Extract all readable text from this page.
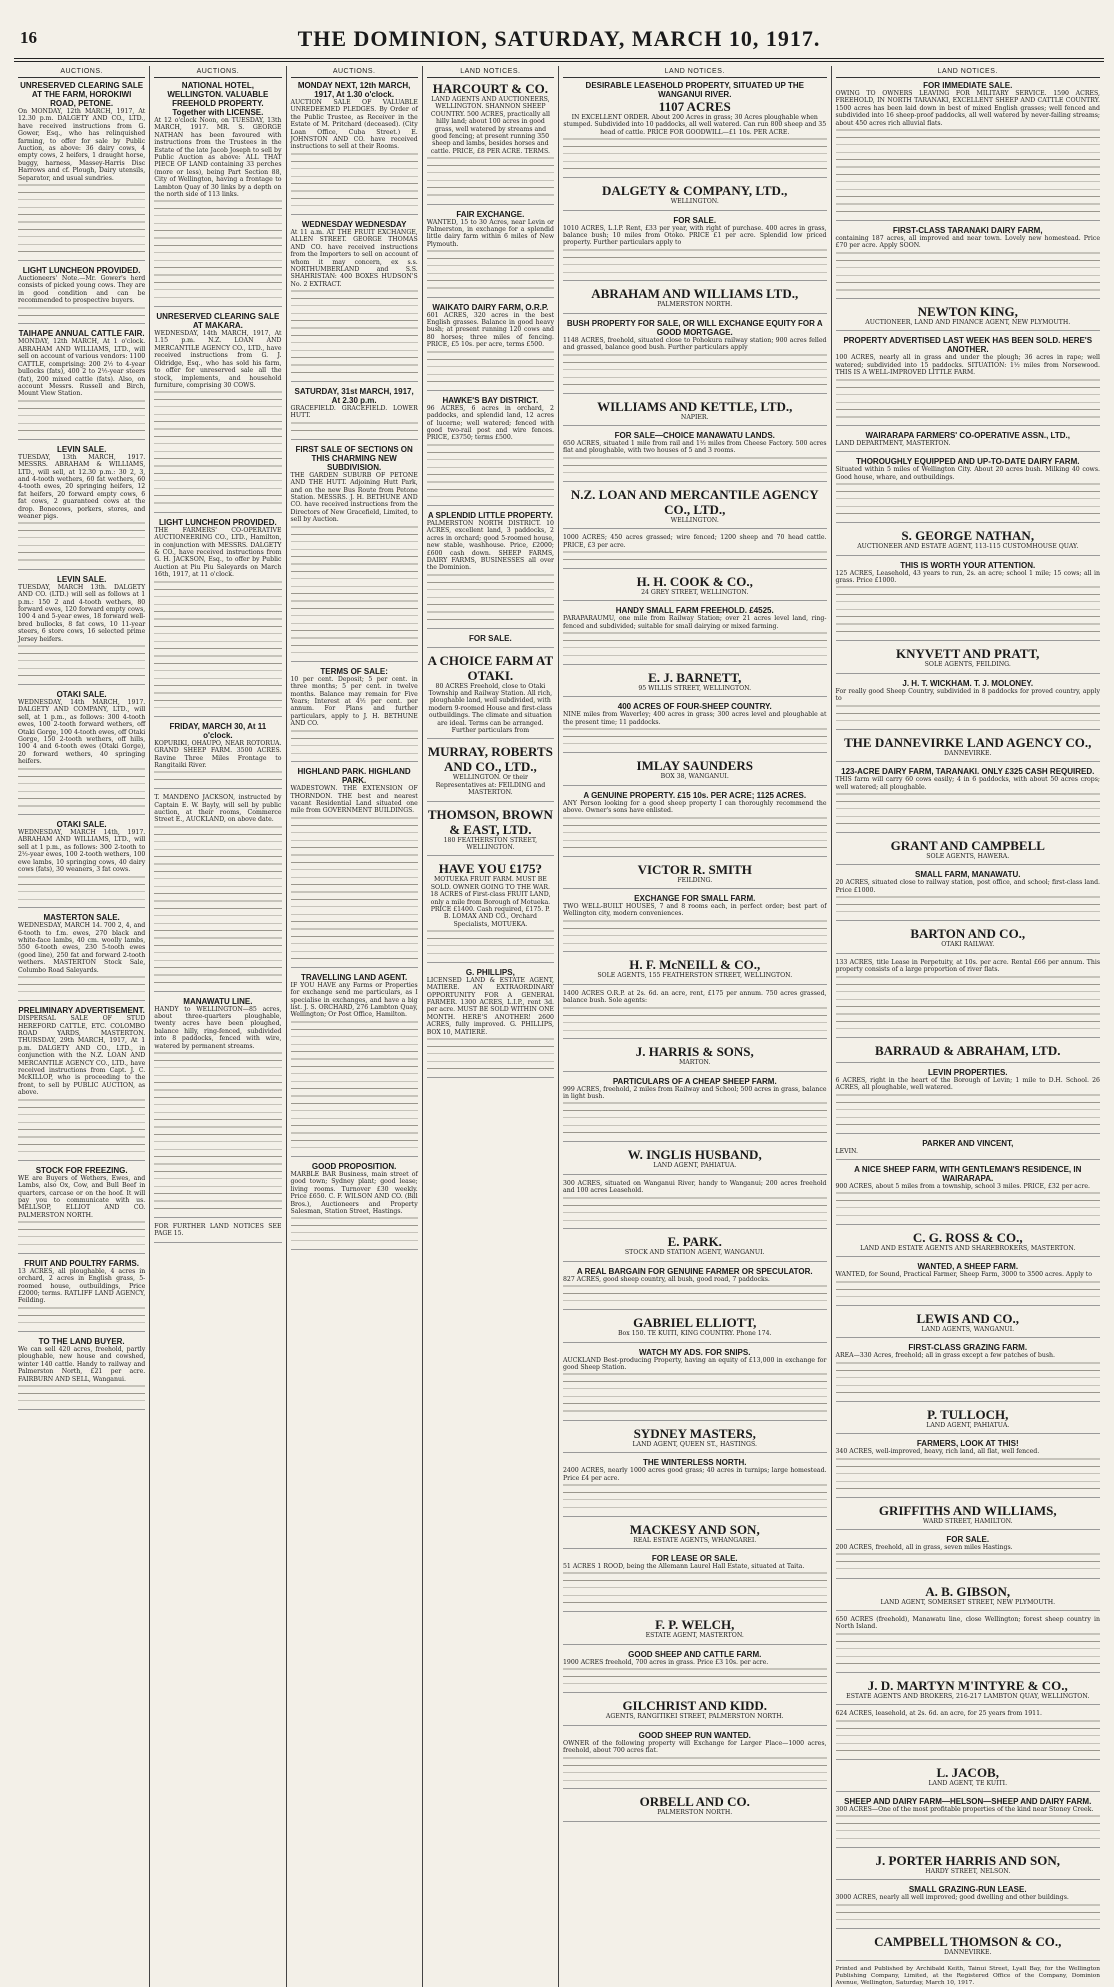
16	THE DOMINION, SATURDAY, MARCH 10, 1917.
AUCTIONS.
UNRESERVED CLEARING SALE AT THE FARM, HOROKIWI ROAD, PETONE.
On MONDAY, 12th MARCH, 1917, At 12.30 p.m. DALGETY AND CO., LTD., have received instructions from G. Gower, Esq., who has relinquished farming, to offer for sale by Public Auction, as above: 36 dairy cows, 4 empty cows, 2 heifers, 1 draught horse, buggy, harness, Massey-Harris Disc Harrows and cf. Plough, Dairy utensils, Separator, and usual sundries.
LIGHT LUNCHEON PROVIDED.
Auctioneers' Note.—Mr. Gower's herd consists of picked young cows. They are in good condition and can be recommended to prospective buyers.
TAIHAPE ANNUAL CATTLE FAIR.
MONDAY, 12th MARCH, At 1 o'clock. ABRAHAM AND WILLIAMS, LTD., will sell on account of various vendors: 1100 CATTLE, comprising: 200 2½ to 4-year bullocks (fats), 400 2 to 2½-year steers (fat), 200 mixed cattle (fats). Also, on account Messrs. Russell and Birch, Mount View Station.
LEVIN SALE.
TUESDAY, 13th MARCH, 1917. MESSRS. ABRAHAM & WILLIAMS, LTD., will sell, at 12.30 p.m.: 30 2, 3, and 4-tooth wethers, 60 fat wethers, 60 4-tooth ewes, 20 springing heifers, 12 fat heifers, 20 forward empty cows, 6 fat cows, 2 guaranteed cows at the drop. Bonecows, porkers, stores, and weaner pigs.
LEVIN SALE.
TUESDAY, MARCH 13th. DALGETY AND CO. (LTD.) will sell as follows at 1 p.m.: 150 2 and 4-tooth wethers, 80 forward ewes, 120 forward empty cows, 100 4 and 5-year ewes, 18 forward well-bred bullocks, 8 fat cows, 10 11-year steers, 6 store cows, 16 selected prime Jersey heifers.
OTAKI SALE.
WEDNESDAY, 14th MARCH, 1917. DALGETY AND COMPANY, LTD., will sell, at 1 p.m., as follows: 300 4-tooth ewes, 100 2-tooth forward wethers, off Otaki Gorge, 100 4-tooth ewes, off Otaki Gorge, 150 2-tooth wethers, off hills, 100 4 and 6-tooth ewes (Otaki Gorge), 20 forward wethers, 40 springing heifers.
OTAKI SALE.
WEDNESDAY, MARCH 14th, 1917. ABRAHAM AND WILLIAMS, LTD., will sell at 1 p.m., as follows: 300 2-tooth to 2½-year ewes, 100 2-tooth wethers, 100 ewe lambs, 10 springing cows, 40 dairy cows (fats), 30 weaners, 3 fat cows.
MASTERTON SALE.
WEDNESDAY, MARCH 14. 700 2, 4, and 6-tooth to f.m. ewes, 270 black and white-face lambs, 40 cm. woolly lambs, 550 6-tooth ewes, 230 5-tooth ewes (good line), 250 fat and forward 2-tooth wethers. MASTERTON Stock Sale, Columbo Road Saleyards.
PRELIMINARY ADVERTISEMENT.
DISPERSAL SALE OF STUD HEREFORD CATTLE, ETC. COLOMBO ROAD YARDS, MASTERTON. THURSDAY, 29th MARCH, 1917, At 1 p.m. DALGETY AND CO., LTD., in conjunction with the N.Z. LOAN AND MERCANTILE AGENCY CO., LTD., have received instructions from Capt. J. C. McKILLOP, who is proceeding to the front, to sell by PUBLIC AUCTION, as above.
STOCK FOR FREEZING.
WE are Buyers of Wethers, Ewes, and Lambs, also Ox, Cow, and Bull Beef in quarters, carcase or on the hoof. It will pay you to communicate with us. MELLSOP, ELLIOT AND CO. PALMERSTON NORTH.
FRUIT AND POULTRY FARMS.
13 ACRES, all ploughable, 4 acres in orchard, 2 acres in English grass, 5-roomed house, outbuildings, Price £2000; terms. RATLIFF LAND AGENCY, Feilding.
TO THE LAND BUYER.
We can sell 420 acres, freehold, partly ploughable, new house and cowshed, winter 140 cattle. Handy to railway and Palmerston North, £21 per acre. FAIRBURN AND SELL, Wanganui.
AUCTIONS.
NATIONAL HOTEL, WELLINGTON. VALUABLE FREEHOLD PROPERTY. Together with LICENSE.
At 12 o'clock Noon, on TUESDAY, 13th MARCH, 1917. MR. S. GEORGE NATHAN has been favoured with instructions from the Trustees in the Estate of the late Jacob Joseph to sell by Public Auction as above: ALL THAT PIECE OF LAND containing 33 perches (more or less), being Part Section 88, City of Wellington, having a frontage to Lambton Quay of 30 links by a depth on the north side of 113 links.
UNRESERVED CLEARING SALE AT MAKARA.
WEDNESDAY, 14th MARCH, 1917, At 1.15 p.m. N.Z. LOAN AND MERCANTILE AGENCY CO., LTD., have received instructions from G. J. Oldridge, Esq., who has sold his farm, to offer for unreserved sale all the stock, implements, and household furniture, comprising 30 COWS.
LIGHT LUNCHEON PROVIDED.
THE FARMERS' CO-OPERATIVE AUCTIONEERING CO., LTD., Hamilton, in conjunction with MESSRS. DALGETY & CO., have received instructions from G. H. JACKSON, Esq., to offer by Public Auction at Piu Piu Saleyards on March 16th, 1917, at 11 o'clock.
FRIDAY, MARCH 30, At 11 o'clock.
KOPURIKI, OHAUPO, NEAR ROTORUA. GRAND SHEEP FARM. 3500 ACRES. Ravine Three Miles Frontage to Rangitaiki River.
T. MANDENO JACKSON, instructed by Captain E. W. Bayly, will sell by public auction, at their rooms, Commerce Street E., AUCKLAND, on above date.
MANAWATU LINE.
HANDY to WELLINGTON—85 acres, about three-quarters ploughable, twenty acres have been ploughed, balance hilly, ring-fenced, subdivided into 8 paddocks, fenced with wire, watered by permanent streams.
FOR FURTHER LAND NOTICES SEE PAGE 15.
AUCTIONS.
MONDAY NEXT, 12th MARCH, 1917, At 1.30 o'clock.
AUCTION SALE OF VALUABLE UNREDEEMED PLEDGES. By Order of the Public Trustee, as Receiver in the Estate of M. Pritchard (deceased). (City Loan Office, Cuba Street.) E. JOHNSTON AND CO. have received instructions to sell at their Rooms.
WEDNESDAY WEDNESDAY
At 11 a.m. AT THE FRUIT EXCHANGE, ALLEN STREET. GEORGE THOMAS AND CO. have received instructions from the Importers to sell on account of whom it may concern, ex s.s. NORTHUMBERLAND and S.S. SHAHRISTAN: 400 BOXES HUDSON'S No. 2 EXTRACT.
SATURDAY, 31st MARCH, 1917, At 2.30 p.m.
GRACEFIELD. GRACEFIELD. LOWER HUTT.
FIRST SALE OF SECTIONS ON THIS CHARMING NEW SUBDIVISION.
THE GARDEN SUBURB OF PETONE AND THE HUTT. Adjoining Hutt Park, and on the new Bus Route from Petone Station. MESSRS. J. H. BETHUNE AND CO. have received instructions from the Directors of New Gracefield, Limited, to sell by Auction.
TERMS OF SALE:
10 per cent. Deposit; 5 per cent. in three months; 5 per cent. in twelve months. Balance may remain for Five Years; Interest at 4½ per cent. per annum. For Plans and further particulars, apply to J. H. BETHUNE AND CO.
HIGHLAND PARK. HIGHLAND PARK.
WADESTOWN. THE EXTENSION OF THORNDON. THE best and nearest vacant Residential Land situated one mile from GOVERNMENT BUILDINGS.
TRAVELLING LAND AGENT.
IF YOU HAVE any Farms or Properties for exchange send me particulars, as I specialise in exchanges, and have a big list. J. S. ORCHARD, 276 Lambton Quay, Wellington; Or Post Office, Hamilton.
GOOD PROPOSITION.
MARBLE BAR Business, main street of good town; Sydney plant; good lease; living rooms. Turnover £30 weekly. Price £650. C. F. WILSON AND CO. (Bill Bros.), Auctioneers and Property Salesman, Station Street, Hastings.
LAND NOTICES.
HARCOURT & CO.
LAND AGENTS AND AUCTIONEERS, WELLINGTON. SHANNON SHEEP COUNTRY. 500 ACRES, practically all hilly land; about 100 acres in good grass, well watered by streams and good fencing; at present running 350 sheep and lambs, besides horses and cattle. PRICE, £8 PER ACRE. TERMS.
FAIR EXCHANGE.
WANTED, 15 to 30 Acres, near Levin or Palmerston, in exchange for a splendid little dairy farm within 6 miles of New Plymouth.
WAIKATO DAIRY FARM, O.R.P.
601 ACRES, 320 acres in the best English grasses. Balance in good heavy bush; at present running 120 cows and 80 horses; three miles of fencing. PRICE, £5 10s. per acre, terms £500.
HAWKE'S BAY DISTRICT.
96 ACRES, 6 acres in orchard, 2 paddocks, and splendid land, 12 acres of lucerne; well watered; fenced with good two-rail post and wire fences. PRICE, £3750; terms £500.
A SPLENDID LITTLE PROPERTY.
PALMERSTON NORTH DISTRICT. 10 ACRES, excellent land, 3 paddocks, 2 acres in orchard; good 5-roomed house, new stable, washhouse. Price, £2000; £600 cash down. SHEEP FARMS, DAIRY FARMS, BUSINESSES all over the Dominion.
FOR SALE.
A CHOICE FARM AT OTAKI.
80 ACRES Freehold, close to Otaki Township and Railway Station. All rich, ploughable land, well subdivided, with modern 9-roomed House and first-class outbuildings. The climate and situation are ideal. Terms can be arranged. Further particulars from
MURRAY, ROBERTS AND CO., LTD.,
WELLINGTON. Or their Representatives at: FEILDING and MASTERTON.
THOMSON, BROWN & EAST, LTD.
180 FEATHERSTON STREET, WELLINGTON.
HAVE YOU £175?
MOTUEKA FRUIT FARM. MUST BE SOLD. OWNER GOING TO THE WAR. 18 ACRES of First-class FRUIT LAND, only a mile from Borough of Motueka. PRICE £1400. Cash required, £175. P. B. LOMAX AND CO., Orchard Specialists, MOTUEKA.
G. PHILLIPS,
LICENSED LAND & ESTATE AGENT, MATIERE. AN EXTRAORDINARY OPPORTUNITY FOR A GENERAL FARMER. 1300 ACRES, L.I.P., rent 3d. per acre. MUST BE SOLD WITHIN ONE MONTH. HERE'S ANOTHER! 2600 ACRES, fully improved. G. PHILLIPS, BOX 10, MATIERE.
LAND NOTICES.
DESIRABLE LEASEHOLD PROPERTY, SITUATED UP THE WANGANUI RIVER.
1107 ACRES
IN EXCELLENT ORDER. About 200 Acres in grass; 30 Acres ploughable when stumped. Subdivided into 10 paddocks, all well watered. Can run 800 sheep and 35 head of cattle. PRICE FOR GOODWILL—£1 10s. PER ACRE.
DALGETY & COMPANY, LTD.,
WELLINGTON.
FOR SALE.
1010 ACRES, L.I.P. Rent, £33 per year, with right of purchase. 400 acres in grass, balance bush; 10 miles from Otoko. PRICE £1 per acre. Splendid low priced property. Further particulars apply to
ABRAHAM AND WILLIAMS LTD.,
PALMERSTON NORTH.
BUSH PROPERTY FOR SALE, OR WILL EXCHANGE EQUITY FOR A GOOD MORTGAGE.
1148 ACRES, freehold, situated close to Pohokura railway station; 900 acres felled and grassed, balance good bush. Further particulars apply
WILLIAMS AND KETTLE, LTD.,
NAPIER.
FOR SALE—CHOICE MANAWATU LANDS.
650 ACRES, situated 1 mile from rail and 1½ miles from Cheese Factory. 500 acres flat and ploughable, with two houses of 5 and 3 rooms.
N.Z. LOAN AND MERCANTILE AGENCY CO., LTD.,
WELLINGTON.
1000 ACRES; 450 acres grassed; wire fenced; 1200 sheep and 70 head cattle. PRICE, £3 per acre.
H. H. COOK & CO.,
24 GREY STREET, WELLINGTON.
HANDY SMALL FARM FREEHOLD. £4525.
PARAPARAUMU, one mile from Railway Station; over 21 acres level land, ring-fenced and subdivided; suitable for small dairying or mixed farming.
E. J. BARNETT,
95 WILLIS STREET, WELLINGTON.
400 ACRES OF FOUR-SHEEP COUNTRY.
NINE miles from Waverley; 400 acres in grass; 300 acres level and ploughable at the present time; 11 paddocks.
IMLAY SAUNDERS
BOX 38, WANGANUI.
A GENUINE PROPERTY. £15 10s. PER ACRE; 1125 ACRES.
ANY Person looking for a good sheep property I can thoroughly recommend the above. Owner's sons have enlisted.
VICTOR R. SMITH
FEILDING.
EXCHANGE FOR SMALL FARM.
TWO WELL-BUILT HOUSES, 7 and 8 rooms each, in perfect order; best part of Wellington city, modern conveniences.
H. F. McNEILL & CO.,
SOLE AGENTS, 155 FEATHERSTON STREET, WELLINGTON.
1400 ACRES O.R.P. at 2s. 6d. an acre, rent, £175 per annum. 750 acres grassed, balance bush. Sole agents:
J. HARRIS & SONS,
MARTON.
PARTICULARS OF A CHEAP SHEEP FARM.
999 ACRES, freehold, 2 miles from Railway and School; 500 acres in grass, balance in light bush.
W. INGLIS HUSBAND,
LAND AGENT, PAHIATUA.
300 ACRES, situated on Wanganui River, handy to Wanganui; 200 acres freehold and 100 acres Leasehold.
E. PARK.
STOCK AND STATION AGENT, WANGANUI.
A REAL BARGAIN FOR GENUINE FARMER OR SPECULATOR.
827 ACRES, good sheep country, all bush, good road, 7 paddocks.
GABRIEL ELLIOTT,
Box 150. TE KUITI, KING COUNTRY. Phone 174.
WATCH MY ADS. FOR SNIPS.
AUCKLAND Best-producing Property, having an equity of £13,000 in exchange for good Sheep Station.
SYDNEY MASTERS,
LAND AGENT, QUEEN ST., HASTINGS.
THE WINTERLESS NORTH.
2400 ACRES, nearly 1000 acres good grass; 40 acres in turnips; large homestead. Price £4 per acre.
MACKESY AND SON,
REAL ESTATE AGENTS, WHANGAREI.
FOR LEASE OR SALE.
51 ACRES 1 ROOD, being the Allemann Laurel Hall Estate, situated at Taita.
F. P. WELCH,
ESTATE AGENT, MASTERTON.
GOOD SHEEP AND CATTLE FARM.
1900 ACRES freehold, 700 acres in grass. Price £3 10s. per acre.
GILCHRIST AND KIDD.
AGENTS, RANGITIKEI STREET, PALMERSTON NORTH.
GOOD SHEEP RUN WANTED.
OWNER of the following property will Exchange for Larger Place—1000 acres, freehold, about 700 acres flat.
ORBELL AND CO.
PALMERSTON NORTH.
LAND NOTICES.
FOR IMMEDIATE SALE.
OWING TO OWNERS LEAVING FOR MILITARY SERVICE. 1590 ACRES, FREEHOLD, IN NORTH TARANAKI, EXCELLENT SHEEP AND CATTLE COUNTRY. 1500 acres has been laid down in best of mixed English grasses; well fenced and subdivided into 16 sheep-proof paddocks, all well watered by never-failing streams; about 450 acres rich alluvial flats.
FIRST-CLASS TARANAKI DAIRY FARM,
containing 187 acres, all improved and near town. Lovely new homestead. Price £70 per acre. Apply SOON.
NEWTON KING,
AUCTIONEER, LAND AND FINANCE AGENT, NEW PLYMOUTH.
PROPERTY ADVERTISED LAST WEEK HAS BEEN SOLD. HERE'S ANOTHER.
100 ACRES, nearly all in grass and under the plough; 36 acres in rape; well watered; subdivided into 15 paddocks. SITUATION: 1½ miles from Norsewood. THIS IS A WELL-IMPROVED LITTLE FARM.
WAIRARAPA FARMERS' CO-OPERATIVE ASSN., LTD.,
LAND DEPARTMENT, MASTERTON.
THOROUGHLY EQUIPPED AND UP-TO-DATE DAIRY FARM.
Situated within 5 miles of Wellington City. About 20 acres bush. Milking 40 cows. Good house, whare, and outbuildings.
S. GEORGE NATHAN,
AUCTIONEER AND ESTATE AGENT, 113-115 CUSTOMHOUSE QUAY.
THIS IS WORTH YOUR ATTENTION.
125 ACRES, Leasehold, 43 years to run, 2s. an acre; school 1 mile; 15 cows; all in grass. Price £1000.
KNYVETT AND PRATT,
SOLE AGENTS, FEILDING.
J. H. T. WICKHAM. T. J. MOLONEY.
For really good Sheep Country, subdivided in 8 paddocks for proved country, apply to
THE DANNEVIRKE LAND AGENCY CO.,
DANNEVIRKE.
123-ACRE DAIRY FARM, TARANAKI. ONLY £325 CASH REQUIRED.
THIS farm will carry 60 cows easily; 4 in 6 paddocks, with about 50 acres crops; well watered; all ploughable.
GRANT AND CAMPBELL
SOLE AGENTS, HAWERA.
SMALL FARM, MANAWATU.
20 ACRES, situated close to railway station, post office, and school; first-class land. Price £1000.
BARTON AND CO.,
OTAKI RAILWAY.
133 ACRES, title Lease in Perpetuity, at 10s. per acre. Rental £66 per annum. This property consists of a large proportion of river flats.
BARRAUD & ABRAHAM, LTD.
LEVIN PROPERTIES.
6 ACRES, right in the heart of the Borough of Levin; 1 mile to D.H. School. 26 ACRES, all ploughable, well watered.
PARKER AND VINCENT,
LEVIN.
A NICE SHEEP FARM, WITH GENTLEMAN'S RESIDENCE, IN WAIRARAPA.
900 ACRES, about 5 miles from a township, school 3 miles. PRICE, £32 per acre.
C. G. ROSS & CO.,
LAND AND ESTATE AGENTS AND SHAREBROKERS, MASTERTON.
WANTED, A SHEEP FARM.
WANTED, for Sound, Practical Farmer, Sheep Farm, 3000 to 3500 acres. Apply to
LEWIS AND CO.,
LAND AGENTS, WANGANUI.
FIRST-CLASS GRAZING FARM.
AREA—330 Acres, freehold; all in grass except a few patches of bush.
P. TULLOCH,
LAND AGENT, PAHIATUA.
FARMERS, LOOK AT THIS!
340 ACRES, well-improved, heavy, rich land, all flat, well fenced.
GRIFFITHS AND WILLIAMS,
WARD STREET, HAMILTON.
FOR SALE.
200 ACRES, freehold, all in grass, seven miles Hastings.
A. B. GIBSON,
LAND AGENT, SOMERSET STREET, NEW PLYMOUTH.
650 ACRES (freehold), Manawatu line, close Wellington; forest sheep country in North Island.
J. D. MARTYN M'INTYRE & CO.,
ESTATE AGENTS AND BROKERS, 216-217 LAMBTON QUAY, WELLINGTON.
624 ACRES, leasehold, at 2s. 6d. an acre, for 25 years from 1911.
L. JACOB,
LAND AGENT, TE KUITI.
SHEEP AND DAIRY FARM—HELSON—SHEEP AND DAIRY FARM.
300 ACRES—One of the most profitable properties of the kind near Stoney Creek.
J. PORTER HARRIS AND SON,
HARDY STREET, NELSON.
SMALL GRAZING-RUN LEASE.
3000 ACRES, nearly all well improved; good dwelling and other buildings.
CAMPBELL THOMSON & CO.,
DANNEVIRKE.
Printed and Published by Archibald Keith, Tainui Street, Lyall Bay, for the Wellington Publishing Company, Limited, at the Registered Office of the Company, Dominion Avenue, Wellington, Saturday, March 10, 1917.
